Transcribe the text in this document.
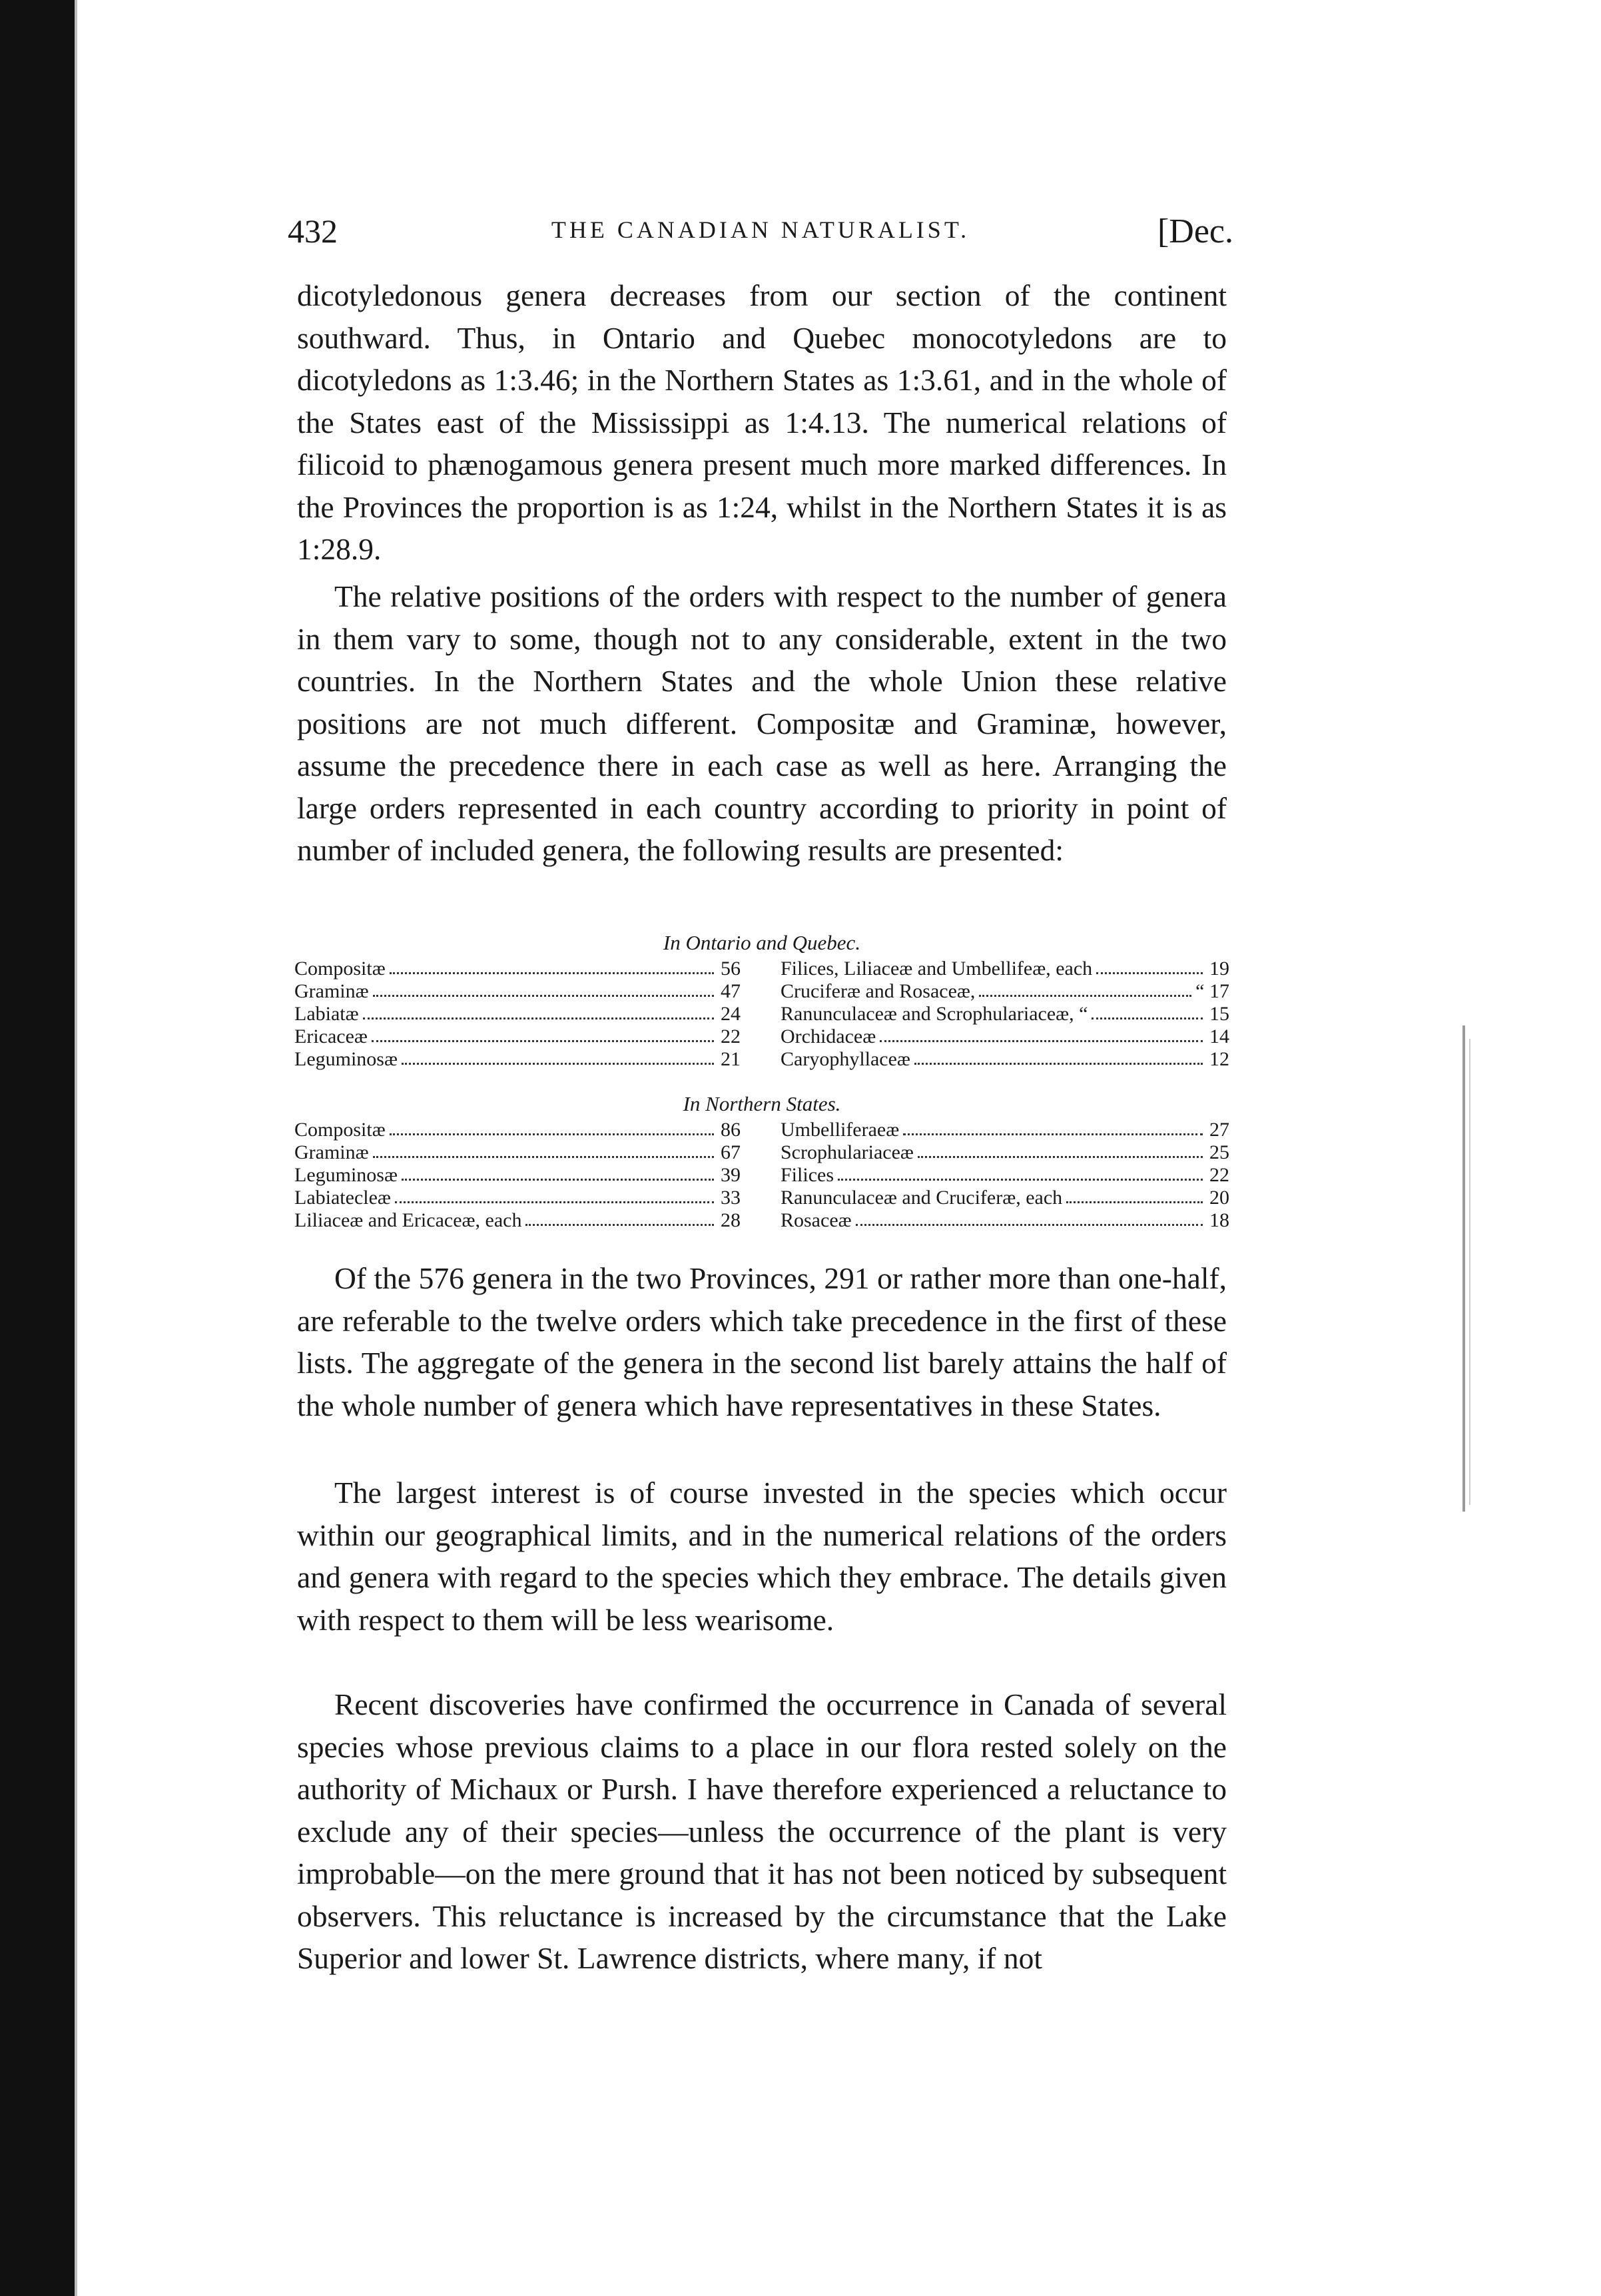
432	THE CANADIAN NATURALIST.	[Dec.

dicotyledonous genera decreases from our section of the continent southward. Thus, in Ontario and Quebec monocotyledons are to dicotyledons as 1:3.46; in the Northern States as 1:3.61, and in the whole of the States east of the Mississippi as 1:4.13. The numerical relations of filicoid to phænogamous genera present much more marked differences. In the Provinces the proportion is as 1:24, whilst in the Northern States it is as 1:28.9.

The relative positions of the orders with respect to the number of genera in them vary to some, though not to any considerable, extent in the two countries. In the Northern States and the whole Union these relative positions are not much different. Compositæ and Graminæ, however, assume the precedence there in each case as well as here. Arranging the large orders represented in each country according to priority in point of number of included genera, the following results are presented:

In Ontario and Quebec.
Compositæ	56
Graminæ	47
Labiatæ	24
Ericaceæ	22
Leguminosæ	21
Filices, Liliaceæ and Umbellifeæ, each	19
Cruciferæ and Rosaceæ,	“ 17
Ranunculaceæ and Scrophulariaceæ, “	15
Orchidaceæ	14
Caryophyllaceæ	12
In Northern States.
Compositæ	86
Graminæ	67
Leguminosæ	39
Labiatecleæ	33
Liliaceæ and Ericaceæ, each	28
Umbelliferaeæ	27
Scrophulariaceæ	25
Filices	22
Ranunculaceæ and Cruciferæ, each	20
Rosaceæ	18

Of the 576 genera in the two Provinces, 291 or rather more than one-half, are referable to the twelve orders which take precedence in the first of these lists. The aggregate of the genera in the second list barely attains the half of the whole number of genera which have representatives in these States.

The largest interest is of course invested in the species which occur within our geographical limits, and in the numerical relations of the orders and genera with regard to the species which they embrace. The details given with respect to them will be less wearisome.

Recent discoveries have confirmed the occurrence in Canada of several species whose previous claims to a place in our flora rested solely on the authority of Michaux or Pursh. I have therefore experienced a reluctance to exclude any of their species—unless the occurrence of the plant is very improbable—on the mere ground that it has not been noticed by subsequent observers. This reluctance is increased by the circumstance that the Lake Superior and lower St. Lawrence districts, where many, if not
